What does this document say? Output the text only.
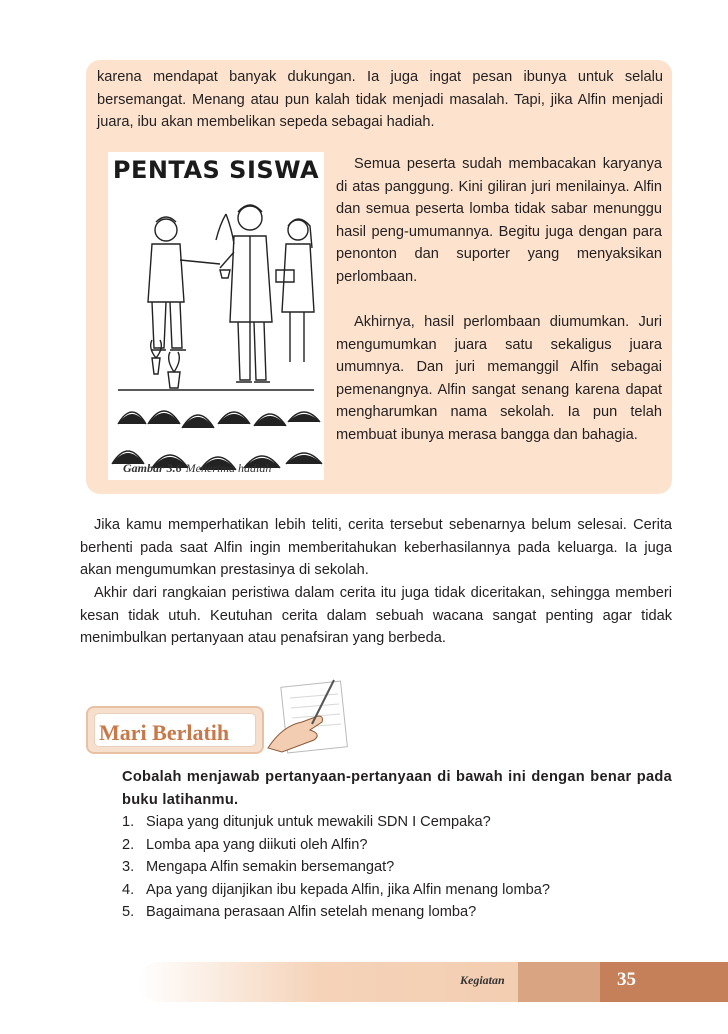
karena mendapat banyak dukungan. Ia juga ingat pesan ibunya untuk selalu bersemangat. Menang atau pun kalah tidak menjadi masalah. Tapi, jika Alfin menjadi juara, ibu akan membelikan sepeda sebagai hadiah.

PENTAS SISWA
Gambar 3.6 Menerima hadiah

Semua peserta sudah membacakan karyanya di atas panggung. Kini giliran juri menilainya. Alfin dan semua peserta lomba tidak sabar menunggu hasil peng-umumannya. Begitu juga dengan para penonton dan suporter yang menyaksikan perlombaan.

Akhirnya, hasil perlombaan diumumkan. Juri mengumumkan juara satu sekaligus juara umumnya. Dan juri memanggil Alfin sebagai pemenangnya. Alfin sangat senang karena dapat mengharumkan nama sekolah. Ia pun telah membuat ibunya merasa bangga dan bahagia.

Jika kamu memperhatikan lebih teliti, cerita tersebut sebenarnya belum selesai. Cerita berhenti pada saat Alfin ingin memberitahukan keberhasilannya pada keluarga. Ia juga akan mengumumkan prestasinya di sekolah.

Akhir dari rangkaian peristiwa dalam cerita itu juga tidak diceritakan, sehingga memberi kesan tidak utuh. Keutuhan cerita dalam sebuah wacana sangat penting agar tidak menimbulkan pertanyaan atau penafsiran yang berbeda.

Mari Berlatih
Cobalah menjawab pertanyaan-pertanyaan di bawah ini dengan benar pada buku latihanmu.
1. Siapa yang ditunjuk untuk mewakili SDN I Cempaka?
2. Lomba apa yang diikuti oleh Alfin?
3. Mengapa Alfin semakin bersemangat?
4. Apa yang dijanjikan ibu kepada Alfin, jika Alfin menang lomba?
5. Bagaimana perasaan Alfin setelah menang lomba?
Kegiatan	35
